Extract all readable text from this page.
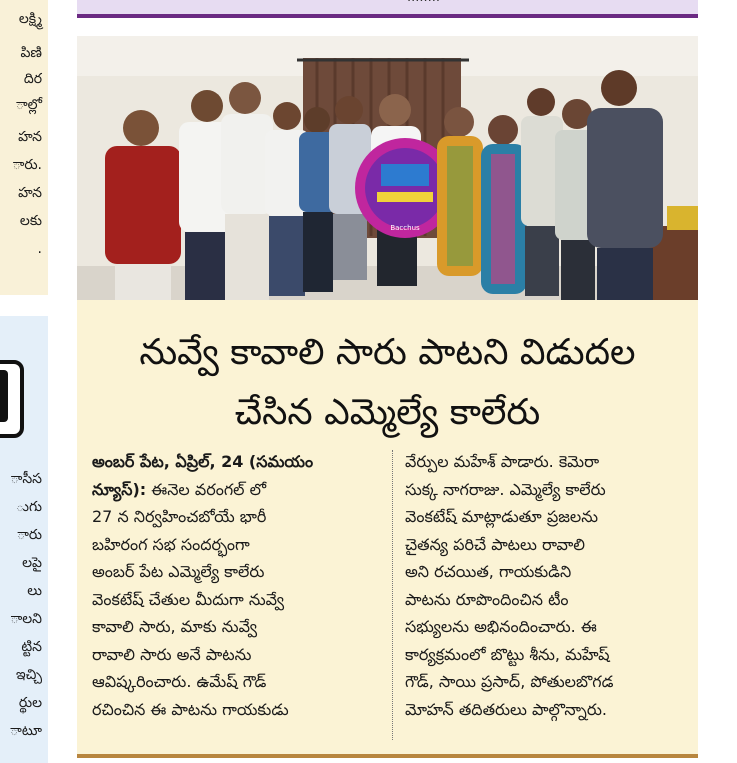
లక్ష్మి
పిణి
దిర
ాల్లో
హన
ారు.
హన
లకు
.
ాసీస
ుగు
ారు
లపై
లు
ాలని
ట్టిన
ఇచ్చి
ర్థుల
ాటూ
Bacchus
నువ్వే కావాలి సారు పాటని విడుదల
చేసిన ఎమ్మెల్యే కాలేరు
అంబర్ పేట, ఏప్రిల్, 24 (సమయం
న్యూస్): ఈనెల వరంగల్ లో
27 న నిర్వహించబోయే భారీ
బహిరంగ సభ సందర్భంగా
అంబర్ పేట ఎమ్మెల్యే కాలేరు
వెంకటేష్ చేతుల మీదుగా నువ్వే
కావాలి సారు, మాకు నువ్వే
రావాలి సారు అనే పాటను
ఆవిష్కరించారు. ఉమేష్ గౌడ్
రచించిన ఈ పాటను గాయకుడు
వేర్పుల మహేశ్ పాడారు. కెమెరా
సుక్క నాగరాజు. ఎమ్మెల్యే కాలేరు
వెంకటేష్ మాట్లాడుతూ ప్రజలను
చైతన్య పరిచే పాటలు రావాలి
అని రచయిత, గాయకుడిని
పాటను రూపొందించిన టీం
సభ్యులను అభినందించారు. ఈ
కార్యక్రమంలో బొట్టు శీను, మహేష్
గౌడ్, సాయి ప్రసాద్, పోతులబొగడ
మోహన్ తదితరులు పాల్గొన్నారు.
